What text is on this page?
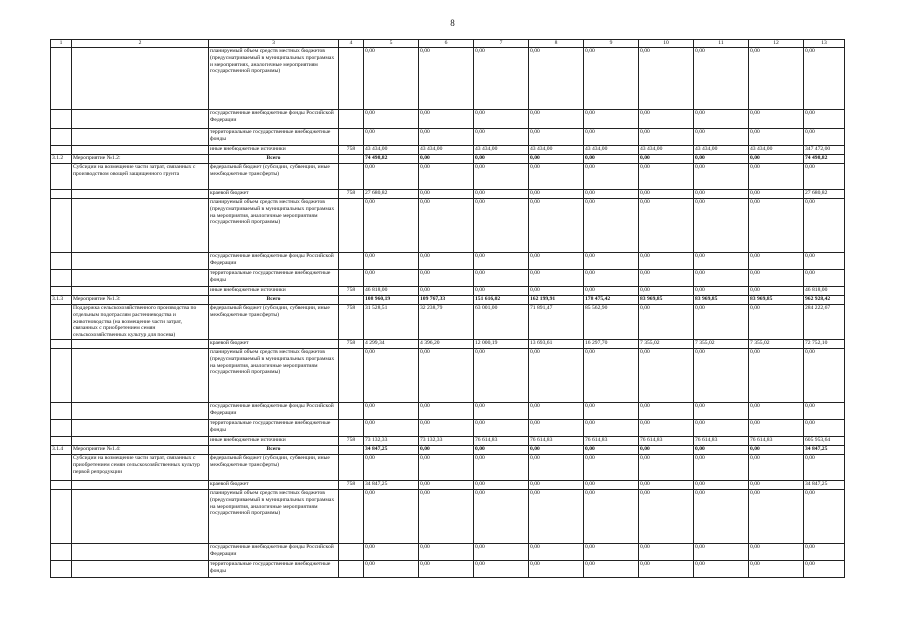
8
1	2	3	4	5	6	7	8	9	10	11	12	13
		планируемый объем средств местных бюджетов (предусматриваемый в муниципальных программах и мероприятиях, аналогичные мероприятиям государственной программы)		0,00	0,00	0,00	0,00	0,00	0,00	0,00	0,00	0,00
		государственные внебюджетные фонды Российской Федерации		0,00	0,00	0,00	0,00	0,00	0,00	0,00	0,00	0,00
		территориальные государственные внебюджетные фонды		0,00	0,00	0,00	0,00	0,00	0,00	0,00	0,00	0,00
		иные внебюджетные источники	758	43 434,00	43 434,00	43 434,00	43 434,00	43 434,00	43 434,00	43 434,00	43 434,00	347 472,00
3.1.2	Мероприятие №1.2:	Всего		74 498,82	0,00	0,00	0,00	0,00	0,00	0,00	0,00	74 498,82
	Субсидии на возмещение части затрат, связанных с производством овощей защищенного грунта	федеральный бюджет (субсидии, субвенции, иные межбюджетные трансферты)		0,00	0,00	0,00	0,00	0,00	0,00	0,00	0,00	0,00
		краевой бюджет	758	27 680,82	0,00	0,00	0,00	0,00	0,00	0,00	0,00	27 680,82
		планируемый объем средств местных бюджетов (предусматриваемый в муниципальных программах на мероприятия, аналогичные мероприятиям государственной программы)		0,00	0,00	0,00	0,00	0,00	0,00	0,00	0,00	0,00
		государственные внебюджетные фонды Российской Федерации		0,00	0,00	0,00	0,00	0,00	0,00	0,00	0,00	0,00
		территориальные государственные внебюджетные фонды		0,00	0,00	0,00	0,00	0,00	0,00	0,00	0,00	0,00
		иные внебюджетные источники	758	46 818,00	0,00	0,00	0,00	0,00	0,00	0,00	0,00	46 818,00
3.1.3	Мероприятие №1.3:	Всего		108 960,19	109 767,33	151 616,02	162 199,91	178 475,42	83 969,85	83 969,85	83 969,85	962 928,42
	Поддержка сельскохозяйственного производства по отдельным подотраслям растениеводства и животноводства (на возмещение части затрат, связанных с приобретением семян сельскохозяйственных культур для посева)	федеральный бюджет (субсидии, субвенции, иные межбюджетные трансферты)	758	31 528,51	32 238,79	63 001,00	71 891,47	85 562,90	0,00	0,00	0,00	284 222,67
		краевой бюджет	758	4 299,34	4 396,20	12 000,19	13 693,61	16 297,70	7 355,02	7 355,02	7 355,02	72 752,10
		планируемый объем средств местных бюджетов (предусматриваемый в муниципальных программах на мероприятия, аналогичные мероприятиям государственной программы)		0,00	0,00	0,00	0,00	0,00	0,00	0,00	0,00	0,00
		государственные внебюджетные фонды Российской Федерации		0,00	0,00	0,00	0,00	0,00	0,00	0,00	0,00	0,00
		территориальные государственные внебюджетные фонды		0,00	0,00	0,00	0,00	0,00	0,00	0,00	0,00	0,00
		иные внебюджетные источники	758	73 132,33	73 132,33	76 614,83	76 614,83	76 614,83	76 614,83	76 614,83	76 614,83	605 953,64
3.1.4	Мероприятие №1.4:	Всего		34 847,25	0,00	0,00	0,00	0,00	0,00	0,00	0,00	34 847,25
	Субсидии на возмещение части затрат, связанных с приобретением семян сельскохозяйственных культур первой репродукции	федеральный бюджет (субсидии, субвенции, иные межбюджетные трансферты)		0,00	0,00	0,00	0,00	0,00	0,00	0,00	0,00	0,00
		краевой бюджет	758	34 847,25	0,00	0,00	0,00	0,00	0,00	0,00	0,00	34 847,25
		планируемый объем средств местных бюджетов (предусматриваемый в муниципальных программах на мероприятия, аналогичные мероприятиям государственной программы)		0,00	0,00	0,00	0,00	0,00	0,00	0,00	0,00	0,00
		государственные внебюджетные фонды Российской Федерации		0,00	0,00	0,00	0,00	0,00	0,00	0,00	0,00	0,00
		территориальные государственные внебюджетные фонды		0,00	0,00	0,00	0,00	0,00	0,00	0,00	0,00	0,00
